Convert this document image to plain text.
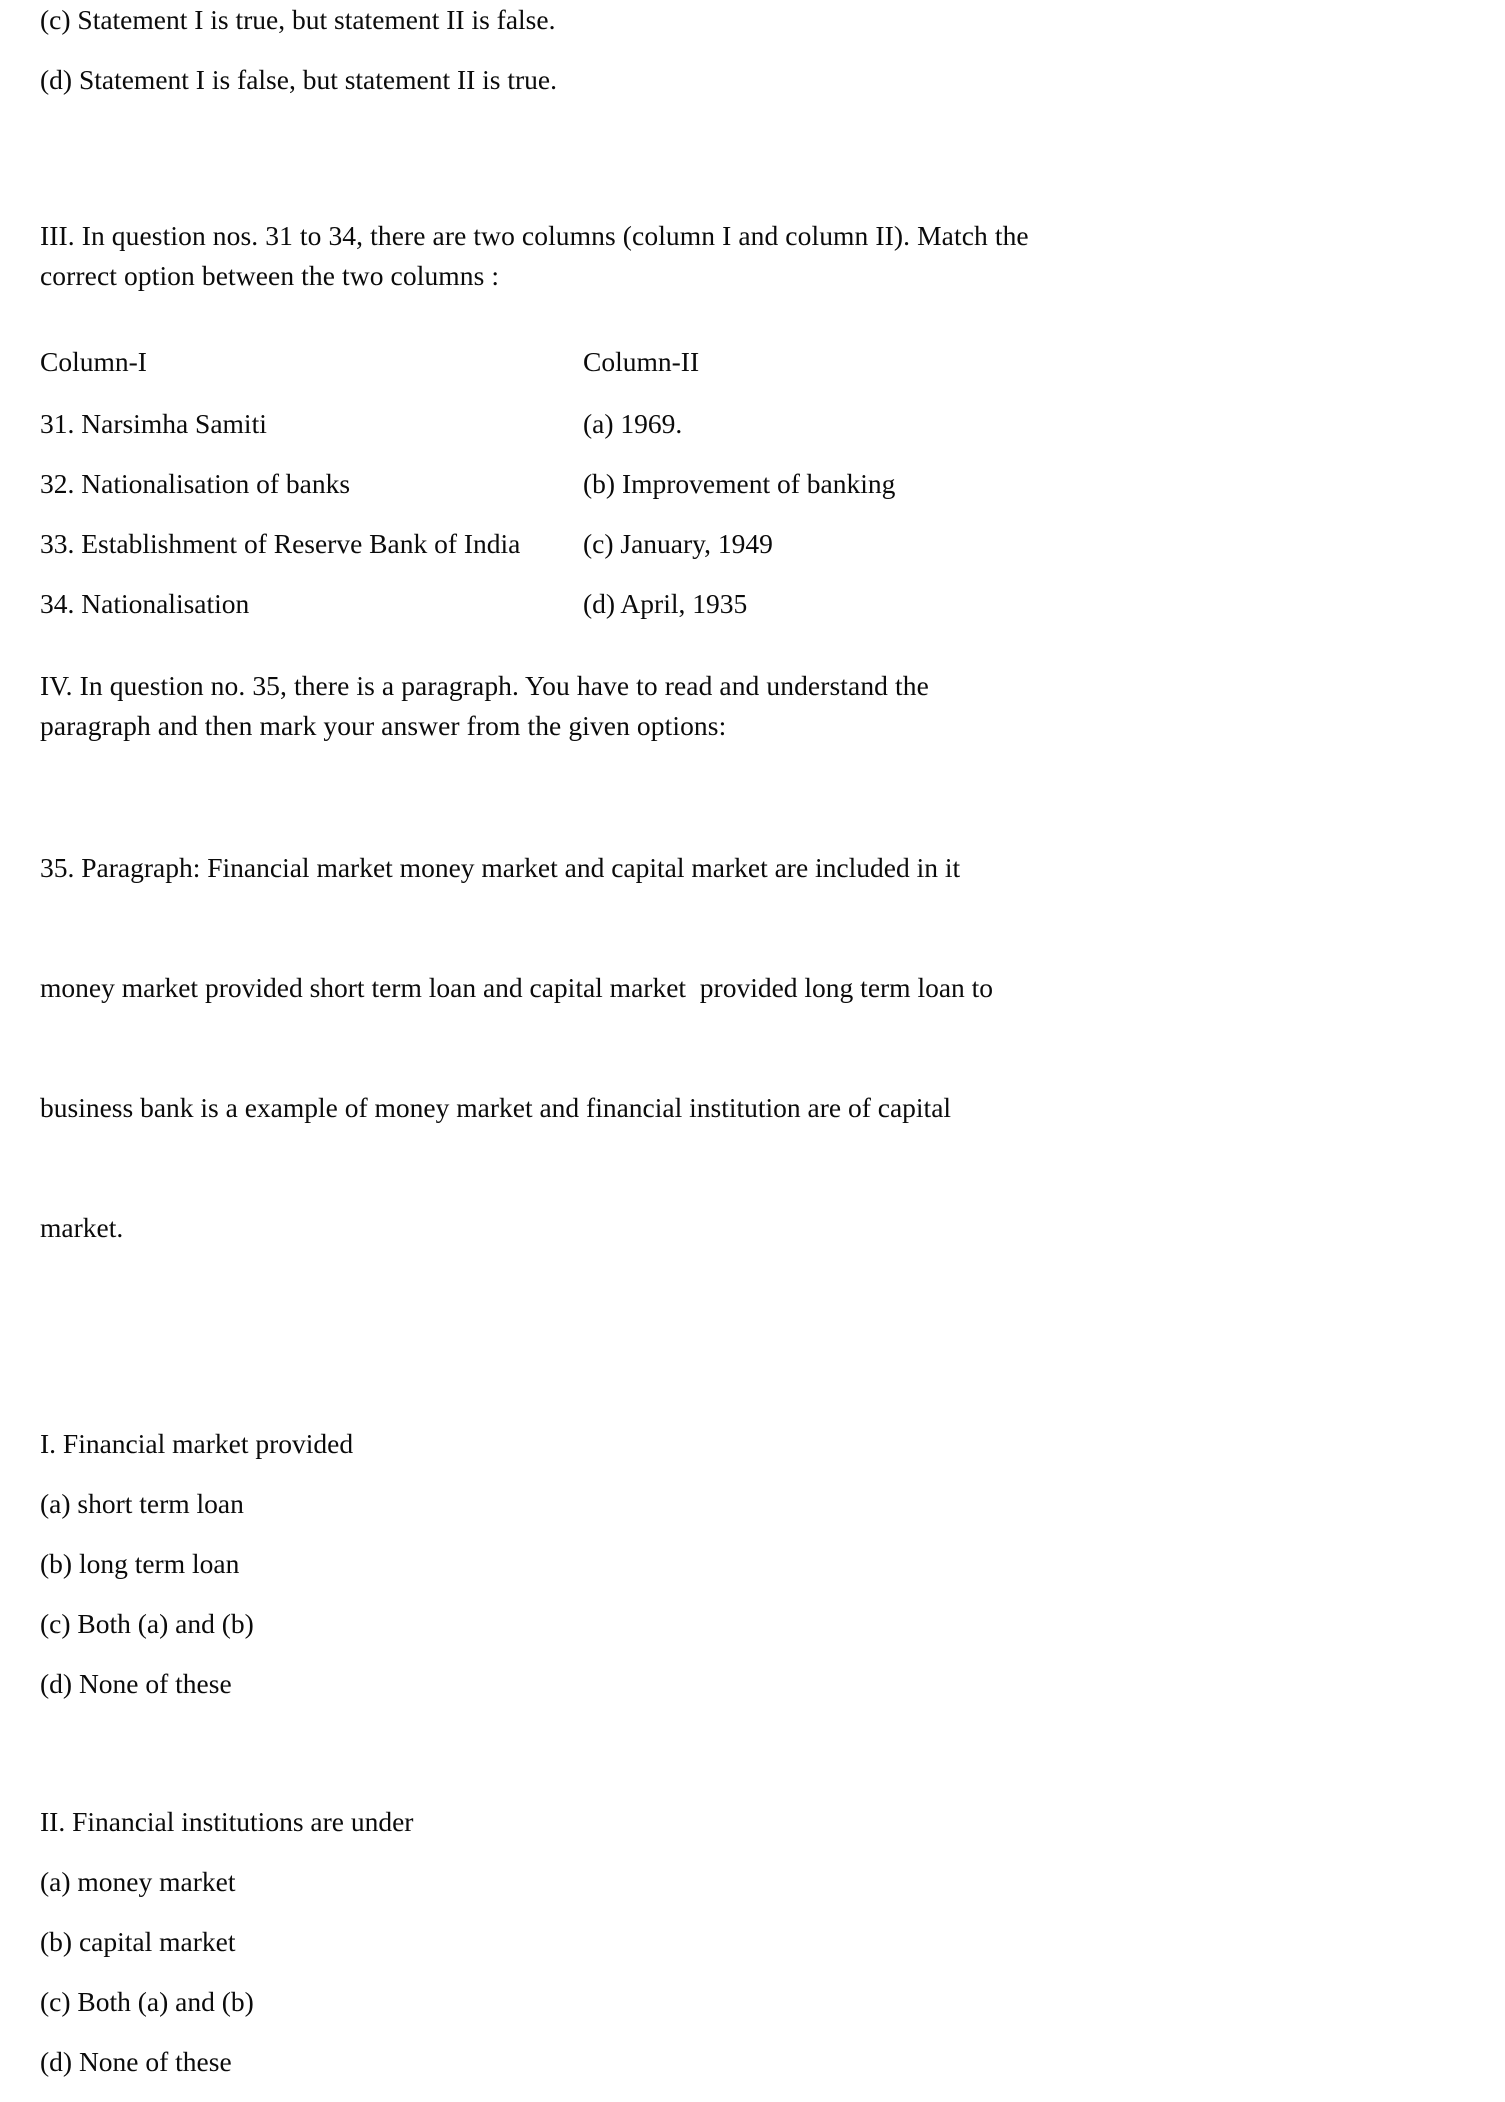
(c) Statement I is true, but statement II is false.
(d) Statement I is false, but statement II is true.
III. In question nos. 31 to 34, there are two columns (column I and column II). Match the
correct option between the two columns :
Column-I	Column-II
31. Narsimha Samiti	(a) 1969.
32. Nationalisation of banks	(b) Improvement of banking
33. Establishment of Reserve Bank of India	(c) January, 1949
34. Nationalisation	(d) April, 1935
IV. In question no. 35, there is a paragraph. You have to read and understand the
paragraph and then mark your answer from the given options:

35. Paragraph: Financial market money market and capital market are included in it

money market provided short term loan and capital market  provided long term loan to

business bank is a example of money market and financial institution are of capital

market.

I. Financial market provided
(a) short term loan
(b) long term loan
(c) Both (a) and (b)
(d) None of these
II. Financial institutions are under
(a) money market
(b) capital market
(c) Both (a) and (b)
(d) None of these
